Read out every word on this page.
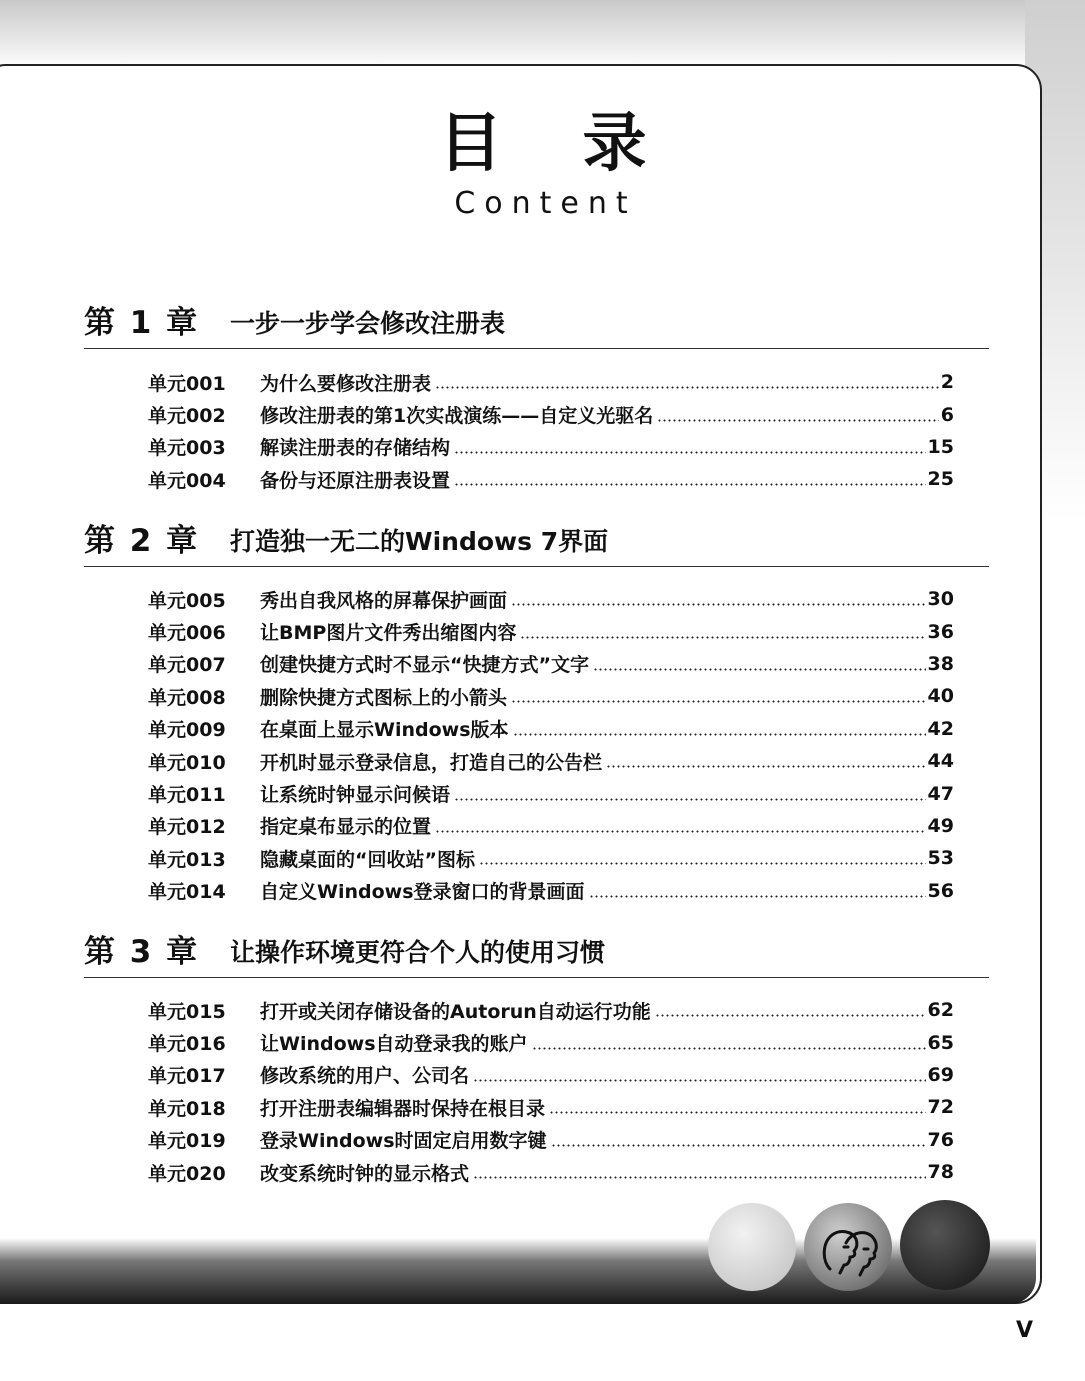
目录
Content
第 1 章 一步一步学会修改注册表
单元001	为什么要修改注册表	2
单元002	修改注册表的第1次实战演练——自定义光驱名	6
单元003	解读注册表的存储结构	15
单元004	备份与还原注册表设置	25
第 2 章 打造独一无二的Windows 7界面
单元005	秀出自我风格的屏幕保护画面	30
单元006	让BMP图片文件秀出缩图内容	36
单元007	创建快捷方式时不显示“快捷方式”文字	38
单元008	删除快捷方式图标上的小箭头	40
单元009	在桌面上显示Windows版本	42
单元010	开机时显示登录信息，打造自己的公告栏	44
单元011	让系统时钟显示问候语	47
单元012	指定桌布显示的位置	49
单元013	隐藏桌面的“回收站”图标	53
单元014	自定义Windows登录窗口的背景画面	56
第 3 章 让操作环境更符合个人的使用习惯
单元015	打开或关闭存储设备的Autorun自动运行功能	62
单元016	让Windows自动登录我的账户	65
单元017	修改系统的用户、公司名	69
单元018	打开注册表编辑器时保持在根目录	72
单元019	登录Windows时固定启用数字键	76
单元020	改变系统时钟的显示格式	78
V
